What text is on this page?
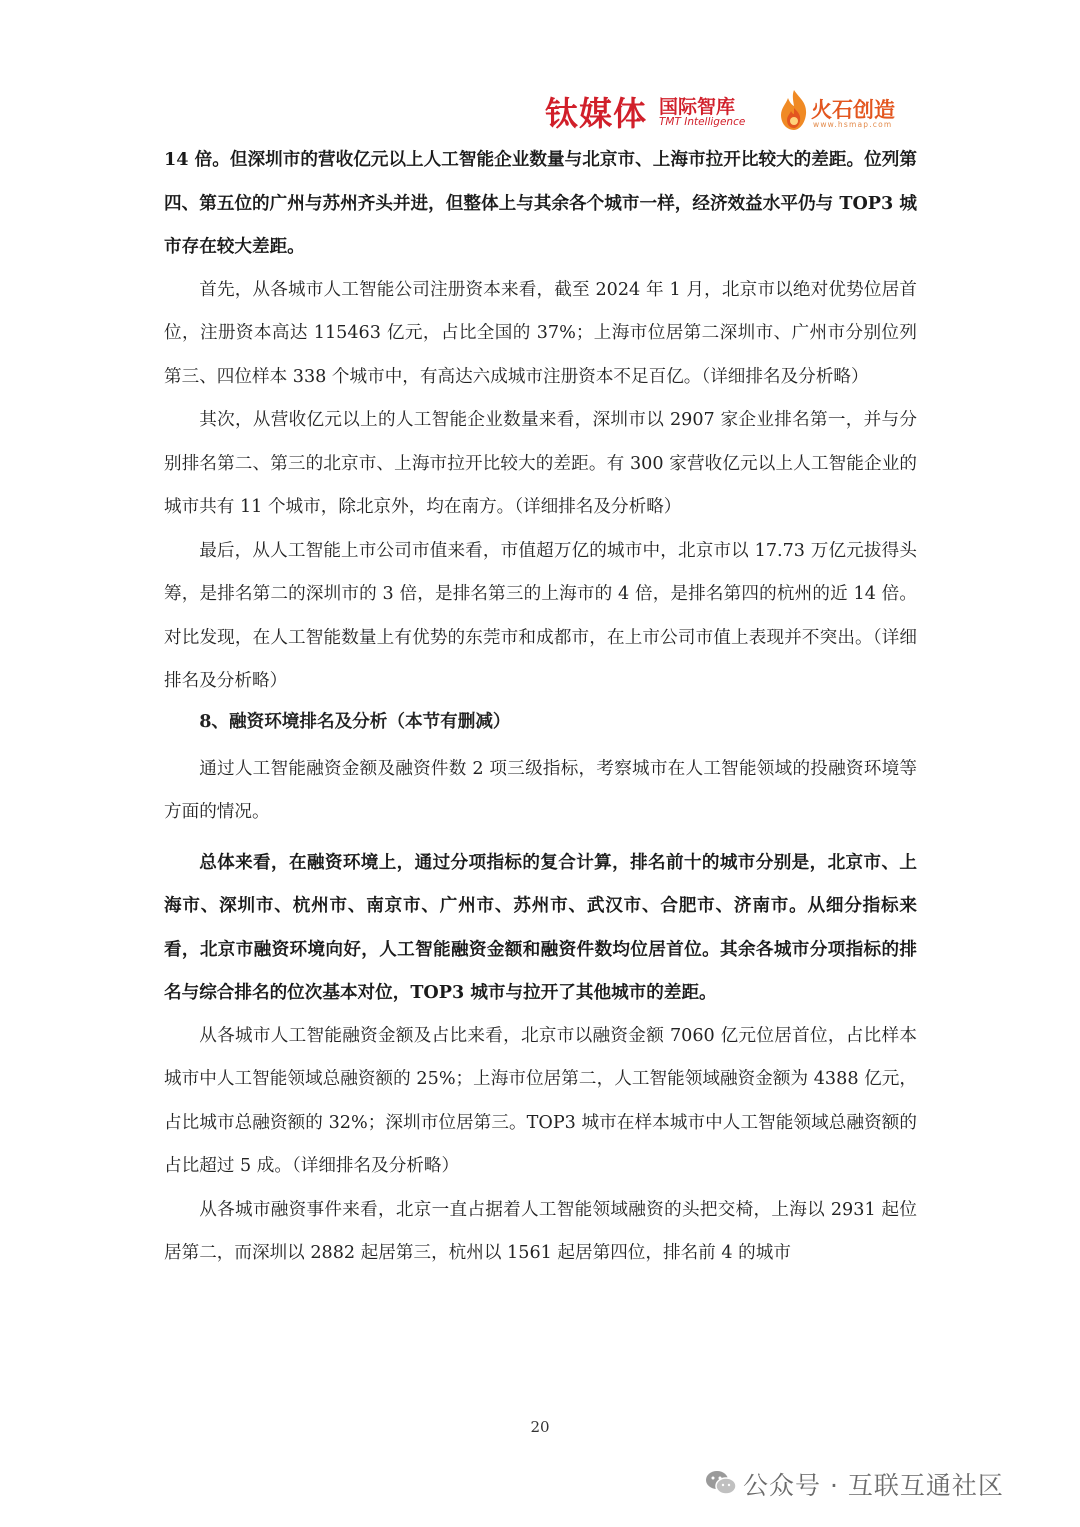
钛媒体 国际智库
TMT Intelligence	火石创造
www.hsmap.com

14 倍。但深圳市的营收亿元以上人工智能企业数量与北京市、上海市拉开比较大的差距。位列第四、第五位的广州与苏州齐头并进，但整体上与其余各个城市一样，经济效益水平仍与 TOP3 城市存在较大差距。

首先，从各城市人工智能公司注册资本来看，截至 2024 年 1 月，北京市以绝对优势位居首位，注册资本高达 115463 亿元，占比全国的 37%；上海市位居第二深圳市、广州市分别位列第三、四位样本 338 个城市中，有高达六成城市注册资本不足百亿。（详细排名及分析略）

其次，从营收亿元以上的人工智能企业数量来看，深圳市以 2907 家企业排名第一，并与分别排名第二、第三的北京市、上海市拉开比较大的差距。有 300 家营收亿元以上人工智能企业的城市共有 11 个城市，除北京外，均在南方。（详细排名及分析略）

最后，从人工智能上市公司市值来看，市值超万亿的城市中，北京市以 17.73 万亿元拔得头筹，是排名第二的深圳市的 3 倍，是排名第三的上海市的 4 倍，是排名第四的杭州的近 14 倍。对比发现，在人工智能数量上有优势的东莞市和成都市，在上市公司市值上表现并不突出。（详细排名及分析略）

8、融资环境排名及分析（本节有删减）

通过人工智能融资金额及融资件数 2 项三级指标，考察城市在人工智能领域的投融资环境等方面的情况。

总体来看，在融资环境上，通过分项指标的复合计算，排名前十的城市分别是，北京市、上海市、深圳市、杭州市、南京市、广州市、苏州市、武汉市、合肥市、济南市。从细分指标来看，北京市融资环境向好，人工智能融资金额和融资件数均位居首位。其余各城市分项指标的排名与综合排名的位次基本对位，TOP3 城市与拉开了其他城市的差距。

从各城市人工智能融资金额及占比来看，北京市以融资金额 7060 亿元位居首位，占比样本城市中人工智能领域总融资额的 25%；上海市位居第二，人工智能领域融资金额为 4388 亿元，占比城市总融资额的 32%；深圳市位居第三。TOP3 城市在样本城市中人工智能领域总融资额的占比超过 5 成。（详细排名及分析略）

从各城市融资事件来看，北京一直占据着人工智能领域融资的头把交椅，上海以 2931 起位居第二，而深圳以 2882 起居第三，杭州以 1561 起居第四位，排名前 4 的城市

20
公众号 · 互联互通社区
